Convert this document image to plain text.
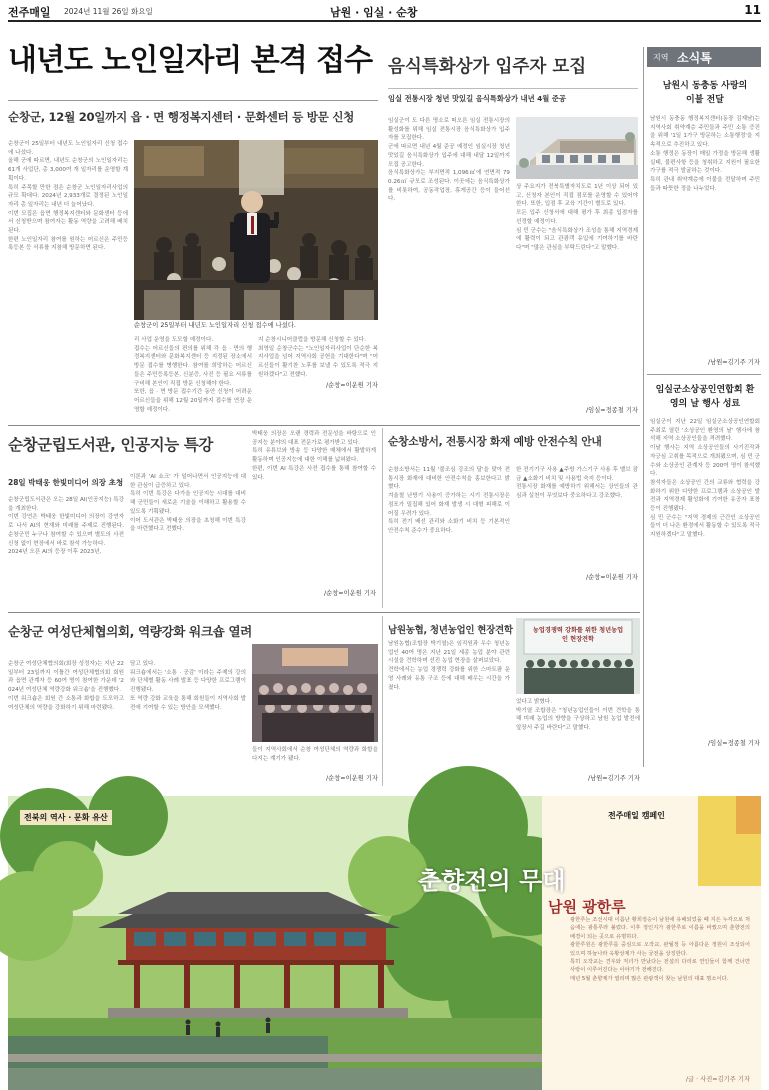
전주매일 2024년 11월 26일 화요일	남원 · 임실 · 순창	11
내년도 노인일자리 본격 접수
순창군, 12월 20일까지 읍 · 면 행정복지센터 · 문화센터 등 방문 신청
순창군이 25일부터 내년도 노인일자리 신청 접수에 나섰다.
올해 군에 따르면, 내년도 순창군의 노인일자리는 61개 사업단, 총 3,000여 개 일자리를 운영할 계획이다.
특히 주목할 만한 점은 순창군 노인일자리사업의 규모 확대다. 2024년 2,933개로 결정된 노인일자리 총 일자리는 내년 더 늘어났다.
이번 모집은 읍면 행정복지센터와 문화센터 등에서 신청받으며 참여자는 활동 역량을 고려해 배치된다.
한편 노인일자리 참여를 원하는 어르신은 주민등록등본 등 서류를 지참해 방문하면 된다.
순창군이 25일부터 내년도 노인일자리 신청 접수에 나섰다.
리 사업 운영을 도모할 예정이다.
접수는 어르신들의 편의를 위해 각 읍 · 면의 행정복지센터와 문화복지센터 등 지정된 장소에서 방문 접수를 병행한다. 참여를 희망하는 어르신들은 주민등록등본, 신분증, 사진 등 필요 서류를 구비해 본인이 직접 방문 신청해야 한다.
또한, 읍 · 면 방문 접수기간 동안 신청이 어려운 어르신들을 위해 12월 20일까지 접수를 연장 운영할 예정이다.
지 순창시니어클럽을 방문해 신청할 수 있다.
최영일 순창군수는 "노인일자리사업이 단순한 복지사업을 넘어 지역사회 공헌을 기대한다"며 "어르신들이 활기찬 노후를 보낼 수 있도록 적극 지원하겠다"고 전했다.
/순창=이운원 기자
음식특화상가 입주자 모집
임실 전통시장 청년 맛있길 음식특화상가 내년 4월 준공
임실군이 도 다른 명소로 떠오른 임실 전통시장의 활성화를 위해 임실 전통시장 음식특화상가 입주자를 모집한다.
군에 따르면 내년 4월 준공 예정인 임실시장 청년 맛있길 음식특화상가 입주에 대해 내달 12일까지 모집 공고한다.
음식특화상가는 부지면적 1,096㎡에 연면적 790.26㎡ 규모로 조성된다. 이곳에는 음식특화상가를 비롯하여, 공동작업장, 휴게공간 등이 들어선다.
상 주요지가 전북특별자치도로 1년 이상 되어 있고, 신청자 본인이 직접 점포를 운영할 수 있어야 한다. 또한, 입점 후 교육 기간이 별도로 있다.
모든 입주 신청서에 대해 평가 후 최종 입점자를 선정할 예정이다.
심 민 군수는 "음식특화상가 조성을 통해 지역경제에 활력이 되고 관광객 유입에 기여하기를 바란다"며 "많은 관심을 부탁드린다"고 말했다.
/임실=정종철 기자
지역 소식톡
남원시 동충동 사랑의 이불 전달
남원시 동충동 행정복지센터(동장 김재남)는 지역사회 취약계층 주민들과 주민 소통 증진을 위해 '1일 1가구 방문하는 소통행정'을 지속적으로 추진하고 있다.
소통 행정은 동장이 매일 가정을 방문해 생활 실태, 불편사항 등을 청취하고 지원이 필요한 가구를 적극 발굴하는 것이다.
특히 관내 취약계층에 이불을 전달하며 주민들과 따뜻한 정을 나누었다.
/남원=김기주 기자
임실군소상공인연합회 환영의 날 행사 성료
임실군이 지난 22일 임실군소상공인연합회 주최로 열린 '소상공인 환영의 날' 행사에 참석해 지역 소상공인들을 격려했다.
이날 행사는 지역 소상공인들의 사기진작과 자긍심 고취를 목적으로 개최됐으며, 심 민 군수와 소상공인 관계자 등 200여 명이 참석했다.
참석자들은 소상공인 간의 교류와 협력을 강화하기 위한 다양한 프로그램과 소상공인 발전과 지역경제 활성화에 기여한 유공자 표창 등이 진행됐다.
심 민 군수는 "지역 경제의 근간인 소상공인들이 더 나은 환경에서 활동할 수 있도록 적극 지원하겠다"고 말했다.
/임실=정종철 기자
순창군립도서관, 인공지능 특강
28일 박태웅 한빛미디어 의장 초청
순창군립도서관은 오는 28일 AI(인공지능) 특강을 개최한다.
이번 강연은 박태웅 한빛미디어 의장이 강연자로 나서 AI의 현재와 미래를 주제로 진행된다. 순창군민 누구나 참여할 수 있으며 별도의 사전 신청 없이 현장에서 바로 참석 가능하다.
2024년 오픈 AI의 등장 이후 2023년,
이론과 'AI 쇼크' 가 일어나면서 인공지능에 대한 관심이 급증하고 있다.
특히 이번 특강은 다가올 인공지능 시대를 대비해 군민들이 새로운 기술을 이해하고 활용할 수 있도록 기획됐다.
이어 도서관은 박태웅 의장을 초청해 이번 특강을 마련했다고 전했다.
박태웅 의장은 오랜 경력과 전문성을 바탕으로 인공지능 분야의 대표 전문가로 평가받고 있다.
특히 유튜브와 방송 등 다양한 매체에서 활발하게 활동하며 인공지능에 대한 이해를 넓혀왔다.
한편, 이번 AI 특강은 사전 접수를 통해 참여할 수 있다.
/순창=이운원 기자
순창소방서, 전통시장 화재 예방 안전수칙 안내
순창소방서는 11월 '불조심 강조의 달'을 맞아 전통시장 화재에 대비한 안전수칙을 홍보한다고 밝혔다.
겨울철 난방기 사용이 증가하는 시기 전통시장은 점포가 밀집해 있어 화재 발생 시 대형 피해로 이어질 우려가 있다.
특히 전기 배선 관리와 소화기 비치 등 기본적인 안전수칙 준수가 중요하다.
한 전기기구 사용 ▲주방 가스기구 사용 후 밸브 잠금 ▲소화기 비치 및 사용법 숙지 등이다.
전통시장 화재를 예방하기 위해서는 상인들의 관심과 실천이 무엇보다 중요하다고 강조했다.
/순창=이운원 기자
순창군 여성단체협의회, 역량강화 워크숍 열려
순창군 여성단체협의회(회장 성정자)는 지난 22일부터 23일까지 이틀간 여성단체협의회 회원과 읍면 관계자 등 60여 명이 참여한 가운데 '2024년 여성단체 역량강화 워크숍'을 진행했다.
이번 워크숍은 회원 간 소통과 화합을 도모하고 여성단체의 역량을 강화하기 위해 마련됐다.
담고 있다.
워크숍에서는 '소통 · 공감' 이라는 주제의 강의와 단체별 활동 사례 발표 등 다양한 프로그램이 진행됐다.
또 역량 강화 교육을 통해 회원들이 지역사회 발전에 기여할 수 있는 방안을 모색했다.
들이 지역사회에서 순창 여성단체의 역량과 화합을 다지는 계기가 됐다.
/순창=이운원 기자
남원농협, 청년농업인 현장견학
남원농협(조합장 박기열)은 임직원과 우수 청년농업인 40여 명은 지난 21일 세종 농업 분야 관련 시설을 견학하며 선진 농업 현장을 살펴보았다.
견학에서는 농업 경쟁력 강화를 위한 스마트팜 운영 사례와 유통 구조 등에 대해 배우는 시간을 가졌다.
농업경쟁력 강화를 위한 청년농업인 현장견학
었다고 밝혔다.
박기열 조합장은 "청년농업인들이 이번 견학을 통해 미래 농업의 방향을 구상하고 남원 농업 발전에 앞장서 주길 바란다"고 말했다.
/남원=김기주 기자
전북의 역사 · 문화 유산	전주매일 캠페인
춘향전의 무대
남원 광한루
광한루는 조선시대 이름난 황희정승이 남원에 유배되었을 때 지은 누각으로 처음에는 광통루라 불렀다. 이후 정인지가 광한루로 이름을 바꿨으며 춘향전의 배경이 되는 곳으로 유명하다.
광한루원은 광한루를 중심으로 오작교, 완월정 등 아름다운 정원이 조성되어 있으며 하늘나라 옥황상제가 사는 궁전을 상징한다.
특히 오작교는 견우와 직녀가 만났다는 전설의 다리로 연인들이 함께 건너면 사랑이 이루어진다는 이야기가 전해진다.
매년 5월 춘향제가 열리며 많은 관광객이 찾는 남원의 대표 명소이다.
/글 · 사진=김기주 기자
